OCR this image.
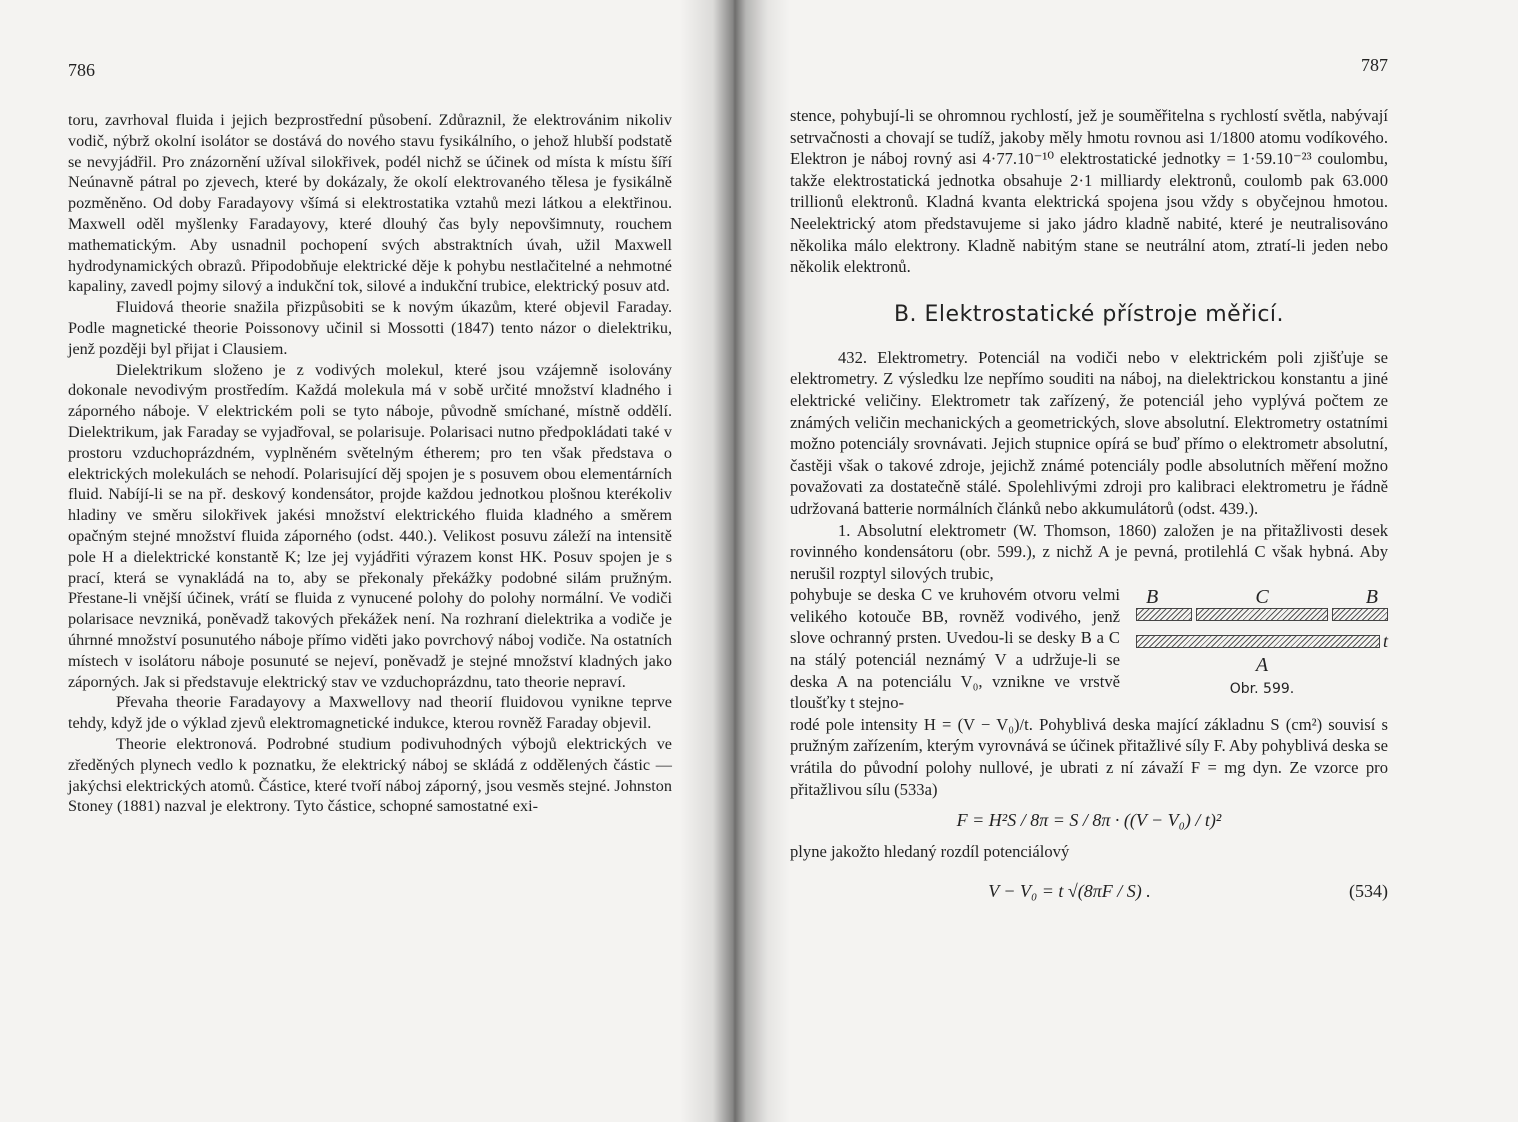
786

toru, zavrhoval fluida i jejich bezprostřední působení. Zdůraznil, že elektrovánim nikoliv vodič, nýbrž okolní isolátor se dostává do nového stavu fysikálního, o jehož hlubší podstatě se nevyjádřil. Pro znázornění užíval silokřivek, podél nichž se účinek od místa k místu šíří Neúnavně pátral po zjevech, které by dokázaly, že okolí elektrovaného tělesa je fysikálně pozměněno. Od doby Faradayovy všímá si elektrostatika vztahů mezi látkou a elektřinou. Maxwell oděl myšlenky Faradayovy, které dlouhý čas byly nepovšimnuty, rouchem mathematickým. Aby usnadnil pochopení svých abstraktních úvah, užil Maxwell hydrodynamických obrazů. Připodobňuje elektrické děje k pohybu nestlačitelné a nehmotné kapaliny, zavedl pojmy silový a indukční tok, silové a indukční trubice, elektrický posuv atd.

Fluidová theorie snažila přizpůsobiti se k novým úkazům, které objevil Faraday. Podle magnetické theorie Poissonovy učinil si Mossotti (1847) tento názor o dielektriku, jenž později byl přijat i Clausiem.

Dielektrikum složeno je z vodivých molekul, které jsou vzájemně isolovány dokonale nevodivým prostředím. Každá molekula má v sobě určité množství kladného i záporného náboje. V elektrickém poli se tyto náboje, původně smíchané, místně oddělí. Dielektrikum, jak Faraday se vyjadřoval, se polarisuje. Polarisaci nutno předpokládati také v prostoru vzduchoprázdném, vyplněném světelným étherem; pro ten však představa o elektrických molekulách se nehodí. Polarisující děj spojen je s posuvem obou elementárních fluid. Nabíjí-li se na př. deskový kondensátor, projde každou jednotkou plošnou kterékoliv hladiny ve směru silokřivek jakési množství elektrického fluida kladného a směrem opačným stejné množství fluida záporného (odst. 440.). Velikost posuvu záleží na intensitě pole H a dielektrické konstantě K; lze jej vyjádřiti výrazem konst HK. Posuv spojen je s prací, která se vynakládá na to, aby se překonaly překážky podobné silám pružným. Přestane-li vnější účinek, vrátí se fluida z vynucené polohy do polohy normální. Ve vodiči polarisace nevzniká, poněvadž takových překážek není. Na rozhraní dielektrika a vodiče je úhrnné množství posunutého náboje přímo viděti jako povrchový náboj vodiče. Na ostatních místech v isolátoru náboje posunuté se nejeví, poněvadž je stejné množství kladných jako záporných. Jak si představuje elektrický stav ve vzduchoprázdnu, tato theorie nepraví.

Převaha theorie Faradayovy a Maxwellovy nad theorií fluidovou vynikne teprve tehdy, když jde o výklad zjevů elektromagnetické indukce, kterou rovněž Faraday objevil.

Theorie elektronová. Podrobné studium podivuhodných výbojů elektrických ve zředěných plynech vedlo k poznatku, že elektrický náboj se skládá z oddělených částic — jakýchsi elektrických atomů. Částice, které tvoří náboj záporný, jsou vesměs stejné. Johnston Stoney (1881) nazval je elektrony. Tyto částice, schopné samostatné exi-

787

stence, pohybují-li se ohromnou rychlostí, jež je souměřitelna s rychlostí světla, nabývají setrvačnosti a chovají se tudíž, jakoby měly hmotu rovnou asi 1/1800 atomu vodíkového. Elektron je náboj rovný asi 4·77.10⁻¹⁰ elektrostatické jednotky = 1·59.10⁻²³ coulombu, takže elektrostatická jednotka obsahuje 2·1 milliardy elektronů, coulomb pak 63.000 trillionů elektronů. Kladná kvanta elektrická spojena jsou vždy s obyčejnou hmotou. Neelektrický atom představujeme si jako jádro kladně nabité, které je neutralisováno několika málo elektrony. Kladně nabitým stane se neutrální atom, ztratí-li jeden nebo několik elektronů.

B. Elektrostatické přístroje měřicí.

432. Elektrometry. Potenciál na vodiči nebo v elektrickém poli zjišťuje se elektrometry. Z výsledku lze nepřímo souditi na náboj, na dielektrickou konstantu a jiné elektrické veličiny. Elektrometr tak zařízený, že potenciál jeho vyplývá počtem ze známých veličin mechanických a geometrických, slove absolutní. Elektrometry ostatními možno potenciály srovnávati. Jejich stupnice opírá se buď přímo o elektrometr absolutní, častěji však o takové zdroje, jejichž známé potenciály podle absolutních měření možno považovati za dostatečně stálé. Spolehlivými zdroji pro kalibraci elektrometru je řádně udržovaná batterie normálních článků nebo akkumulátorů (odst. 439.).

1. Absolutní elektrometr (W. Thomson, 1860) založen je na přitažlivosti desek rovinného kondensátoru (obr. 599.), z nichž A je pevná, protilehlá C však hybná. Aby nerušil rozptyl silových trubic,

pohybuje se deska C ve kruhovém otvoru velmi velikého kotouče BB, rovněž vodivého, jenž slove ochranný prsten. Uvedou-li se desky B a C na stálý potenciál neznámý V a udržuje-li se deska A na potenciálu V₀, vznikne ve vrstvě tloušťky t stejno-

B	C	B
t
A
Obr. 599.

rodé pole intensity H = (V − V₀)/t. Pohyblivá deska mající základnu S (cm²) souvisí s pružným zařízením, kterým vyrovnává se účinek přitažlivé síly F. Aby pohyblivá deska se vrátila do původní polohy nullové, je ubrati z ní závaží F = mg dyn. Ze vzorce pro přitažlivou sílu (533a)

F = H²S / 8π = S / 8π · ((V − V₀) / t)²

plyne jakožto hledaný rozdíl potenciálový

V − V₀ = t √(8πF / S) .	(534)
